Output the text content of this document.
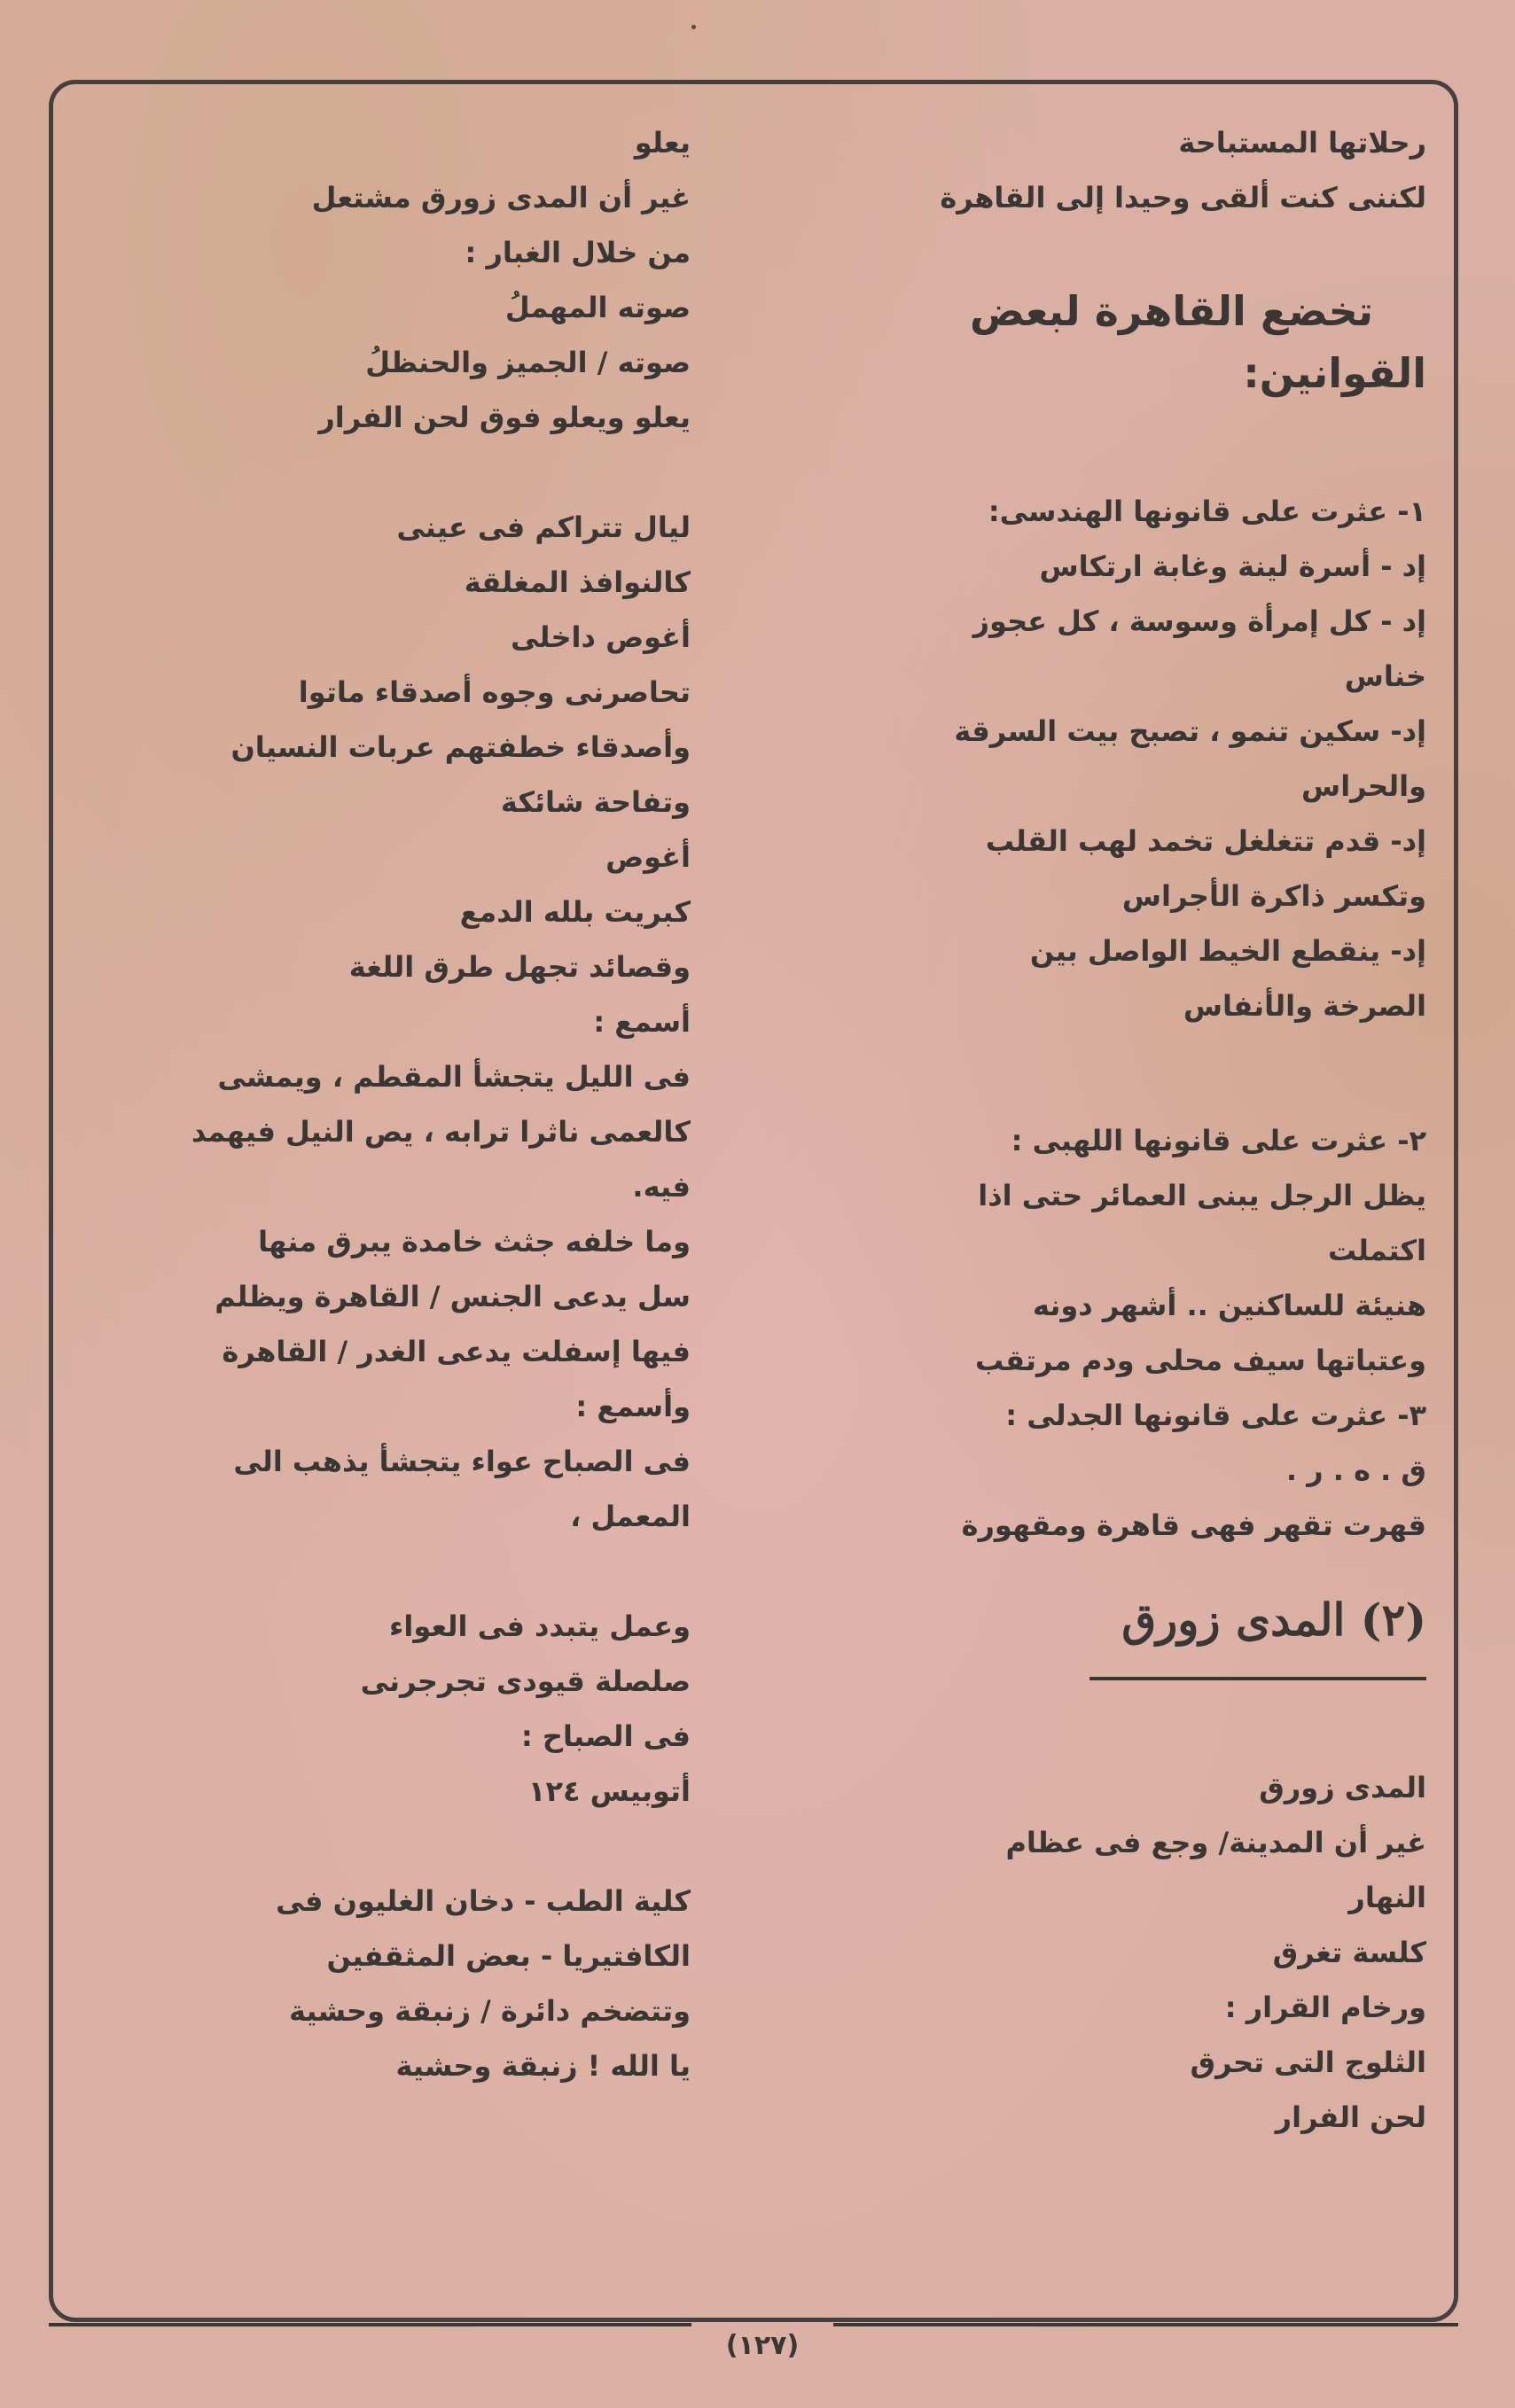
رحلاتها المستباحة
لكننى كنت ألقى وحيدا إلى القاهرة
تخضع القاهرة لبعض
القوانين:
١- عثرت على قانونها الهندسى:
إد - أسرة لينة وغابة ارتكاس
إد - كل إمرأة وسوسة ، كل عجوز
خناس
إد- سكين تنمو ، تصبح بيت السرقة
والحراس
إد- قدم تتغلغل تخمد لهب القلب
وتكسر ذاكرة الأجراس
إد- ينقطع الخيط الواصل بين
الصرخة والأنفاس
٢- عثرت على قانونها اللهبى :
يظل الرجل يبنى العمائر حتى اذا
اكتملت
هنيئة للساكنين .. أشهر دونه
وعتباتها سيف محلى ودم مرتقب
٣- عثرت على قانونها الجدلى :
ق . ه . ر .
قهرت تقهر فهى قاهرة ومقهورة
(٢) المدى زورق
المدى زورق
غير أن المدينة/ وجع فى عظام
النهار
كلسة تغرق
ورخام القرار :
الثلوج التى تحرق
لحن الفرار
يعلو
غير أن المدى زورق مشتعل
من خلال الغبار :
صوته المهملُ
صوته / الجميز والحنظلُ
يعلو ويعلو فوق لحن الفرار
ليال تتراكم فى عينى
كالنوافذ المغلقة
أغوص داخلى
تحاصرنى وجوه أصدقاء ماتوا
وأصدقاء خطفتهم عربات النسيان
وتفاحة شائكة
أغوص
كبريت بلله الدمع
وقصائد تجهل طرق اللغة
أسمع :
فى الليل يتجشأ المقطم ، ويمشى
كالعمى ناثرا ترابه ، يص النيل فيهمد
فيه.
وما خلفه جثث خامدة يبرق منها
سل يدعى الجنس / القاهرة ويظلم
فيها إسفلت يدعى الغدر / القاهرة
وأسمع :
فى الصباح عواء يتجشأ يذهب الى
المعمل ،
وعمل يتبدد فى العواء
صلصلة قيودى تجرجرنى
فى الصباح :
أتوبيس ١٢٤
كلية الطب - دخان الغليون فى
الكافتيريا - بعض المثقفين
وتتضخم دائرة / زنبقة وحشية
يا الله ! زنبقة وحشية
(١٢٧)
